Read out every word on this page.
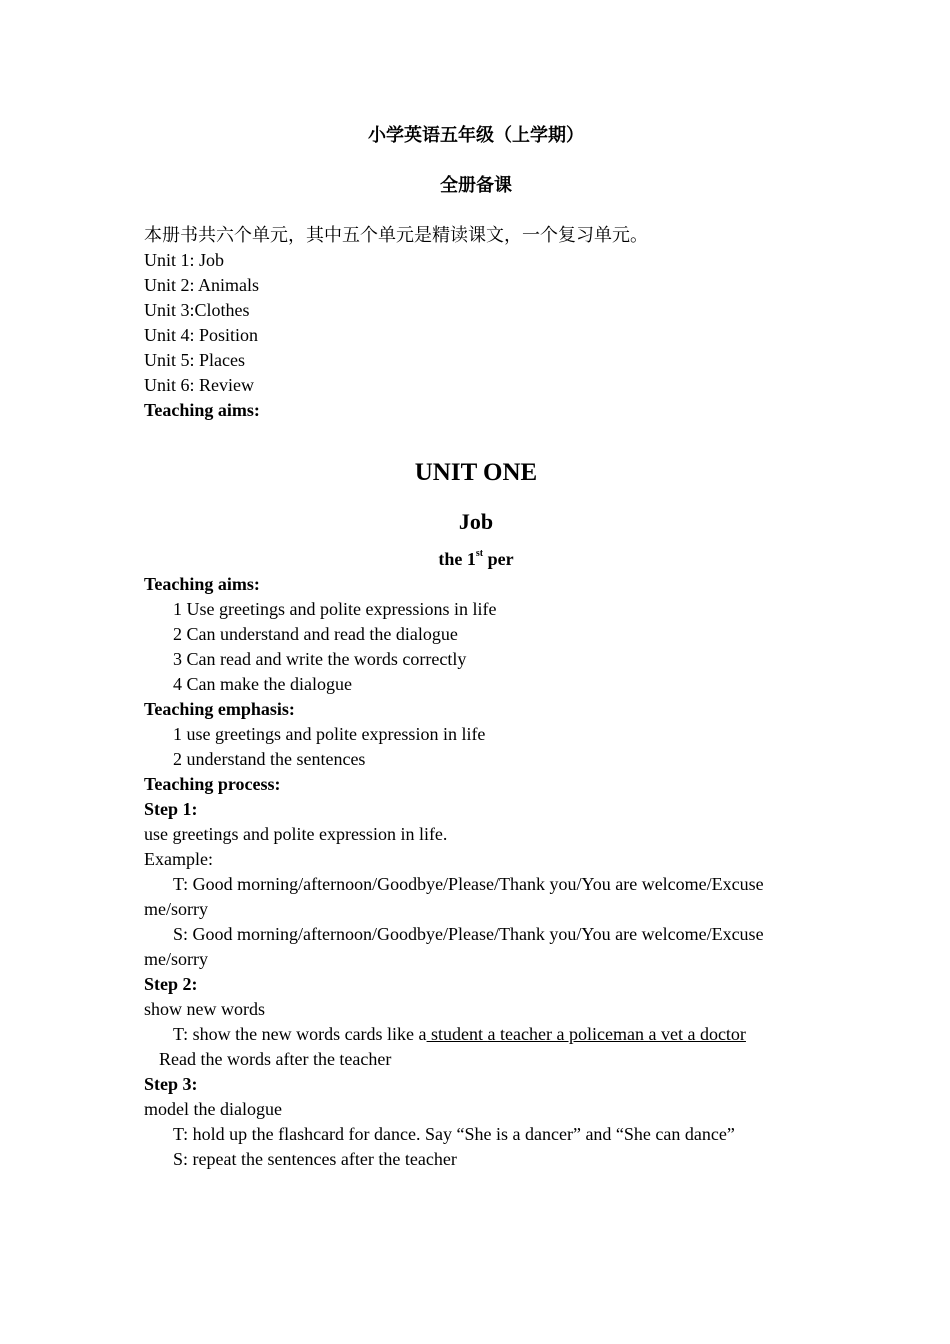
小学英语五年级（上学期）
全册备课
本册书共六个单元，其中五个单元是精读课文，一个复习单元。
Unit 1: Job
Unit 2: Animals
Unit 3:Clothes
Unit 4: Position
Unit 5: Places
Unit 6: Review
Teaching aims:
UNIT ONE
Job
the 1st per
Teaching aims:
1 Use greetings and polite expressions in life
2 Can understand and read the dialogue
3 Can read and write the words correctly
4 Can make the dialogue
Teaching emphasis:
1 use greetings and polite expression in life
2 understand the sentences
Teaching process:
Step 1:
use greetings and polite expression in life.
Example:
T: Good morning/afternoon/Goodbye/Please/Thank you/You are welcome/Excuse me/sorry
S: Good morning/afternoon/Goodbye/Please/Thank you/You are welcome/Excuse me/sorry
Step 2:
show new words
T: show the new words cards like a student a teacher a policeman a vet a doctor
Read the words after the teacher
Step 3:
model the dialogue
T: hold up the flashcard for dance. Say “She is a dancer” and “She can dance”
S: repeat the sentences after the teacher
